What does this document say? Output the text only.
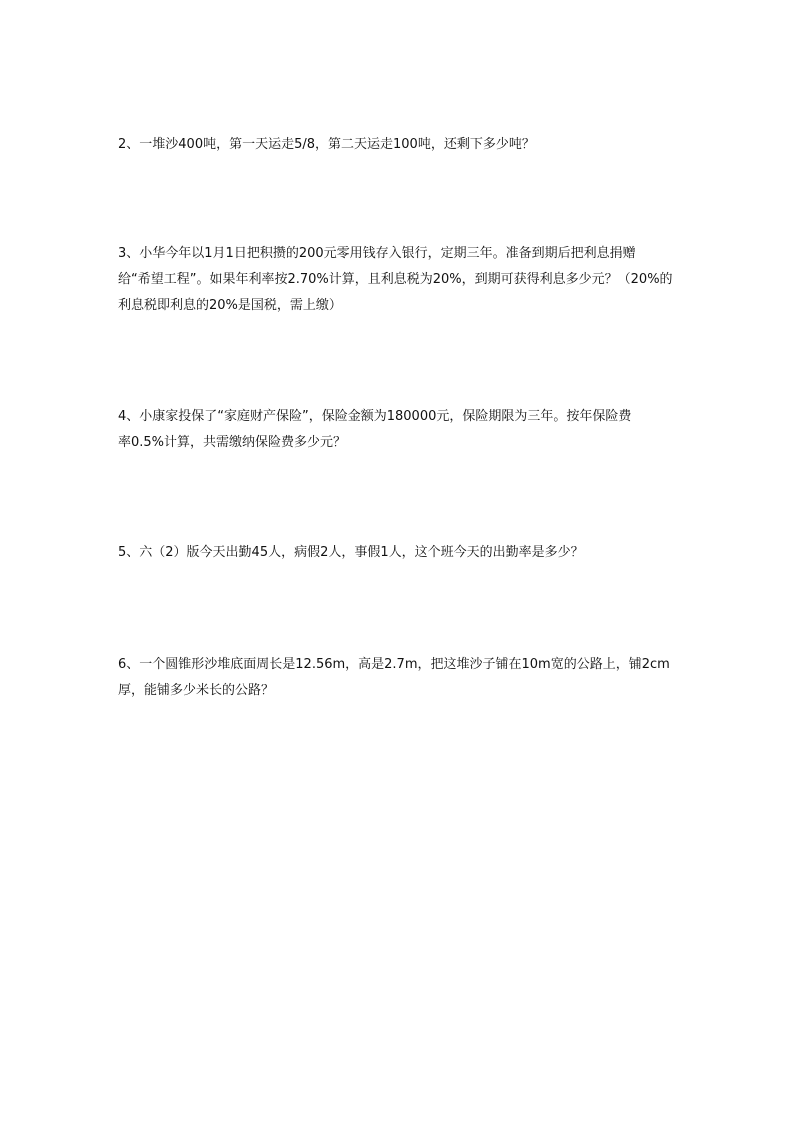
2、一堆沙400吨，第一天运走5/8，第二天运走100吨，还剩下多少吨？
3、小华今年以1月1日把积攒的200元零用钱存入银行，定期三年。准备到期后把利息捐赠
给“希望工程”。如果年利率按2.70%计算，且利息税为20%，到期可获得利息多少元？（20%的
利息税即利息的20%是国税，需上缴）
4、小康家投保了“家庭财产保险”，保险金额为180000元，保险期限为三年。按年保险费
率0.5%计算，共需缴纳保险费多少元？
5、六（2）版今天出勤45人，病假2人，事假1人，这个班今天的出勤率是多少？
6、一个圆锥形沙堆底面周长是12.56m，高是2.7m，把这堆沙子铺在10m宽的公路上，铺2cm
厚，能铺多少米长的公路？
